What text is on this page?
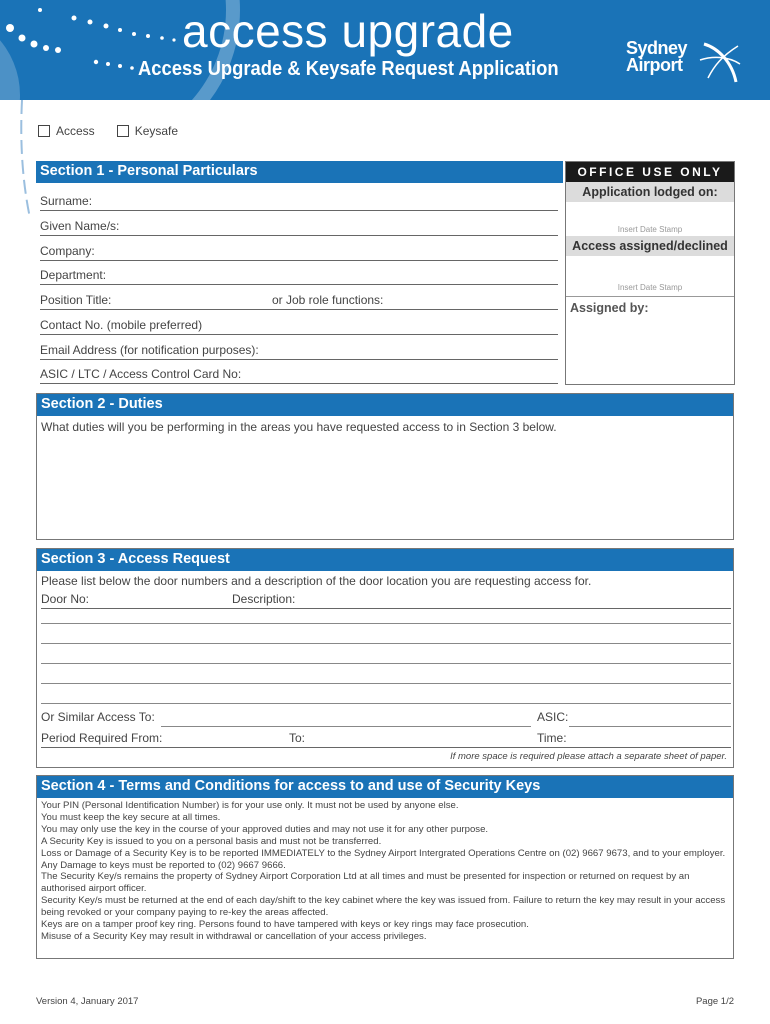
access upgrade
Access Upgrade & Keysafe Request Application
Sydney
Airport
Access	Keysafe
Section 1 - Personal Particulars
Surname:
Given Name/s:
Company:
Department:
Position Title:	or Job role functions:
Contact No. (mobile preferred)
Email Address (for notification purposes):
ASIC / LTC / Access Control Card No:
OFFICE USE ONLY
Application lodged on:
Insert Date Stamp
Access assigned/declined
Insert Date Stamp
Assigned by:
Section 2 - Duties
What duties will you be performing in the areas you have requested access to in Section 3 below.
Section 3 - Access Request
Please list below the door numbers and a description of the door location you are requesting access for.
Door No:	Description:
Or Similar Access To:	ASIC:
Period Required From:	To:	Time:
If more space is required please attach a separate sheet of paper.
Section 4 - Terms and Conditions for access to and use of Security Keys

Your PIN (Personal Identification Number) is for your use only. It must not be used by anyone else.

You must keep the key secure at all times.

You may only use the key in the course of your approved duties and may not use it for any other purpose.

A Security Key is issued to you on a personal basis and must not be transferred.

Loss or Damage of a Security Key is to be reported IMMEDIATELY to the Sydney Airport Intergrated Operations Centre on (02) 9667 9673, and to your employer.

Any Damage to keys must be reported to (02) 9667 9666.

The Security Key/s remains the property of Sydney Airport Corporation Ltd at all times and must be presented for inspection or returned on request by an authorised airport officer.

Security Key/s must be returned at the end of each day/shift to the key cabinet where the key was issued from. Failure to return the key may result in your access being revoked or your company paying to re-key the areas affected.

Keys are on a tamper proof key ring. Persons found to have tampered with keys or key rings may face prosecution.

Misuse of a Security Key may result in withdrawal or cancellation of your access privileges.

Version 4, January 2017	Page 1/2
